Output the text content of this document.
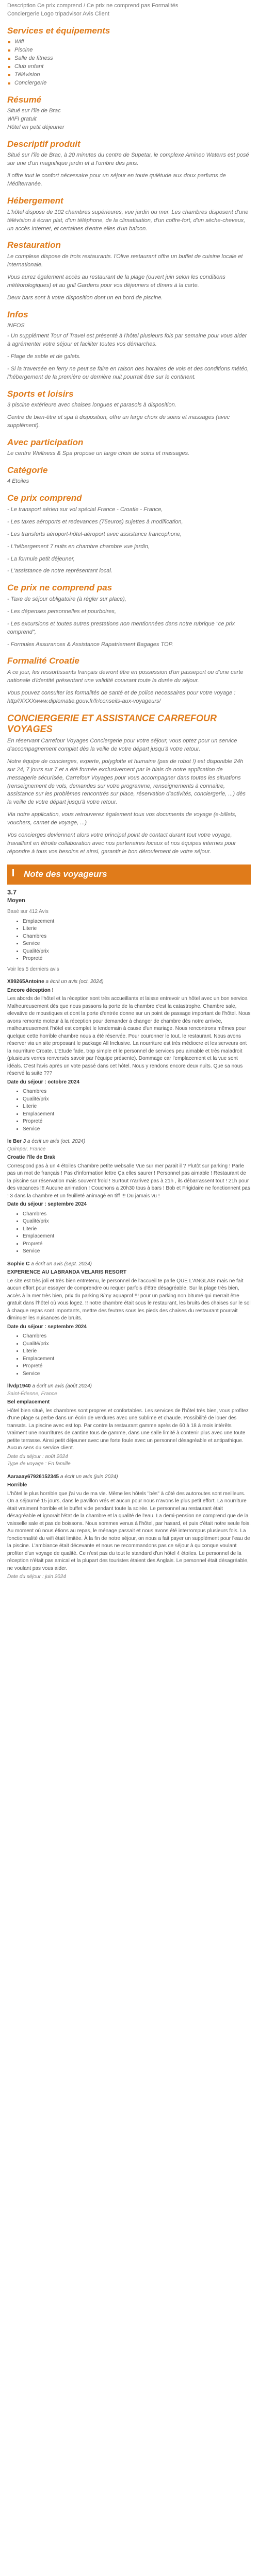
Description Ce prix comprend / Ce prix ne comprend pas Formalités

Conciergerie Logo tripadvisor Avis Client

Services et équipements
Wifi
Piscine
Salle de fitness
Club enfant
Télévision
Conciergerie
Résumé

Situé sur l'île de Brac
WIFI gratuit
Hôtel en petit déjeuner

Descriptif produit

Situé sur l'île de Brac, à 20 minutes du centre de Supetar, le complexe Amineo Waterrs est posé sur une d'un magnifique jardin et à l'ombre des pins.

Il offre tout le confort nécessaire pour un séjour en toute quiétude aux doux parfums de Méditerranée.

Hébergement

L'hôtel dispose de 102 chambres supérieures, vue jardin ou mer. Les chambres disposent d'une télévision à écran plat, d'un téléphone, de la climatisation, d'un coffre-fort, d'un sèche-cheveux, un accès Internet, et certaines d'entre elles d'un balcon.

Restauration

Le complexe dispose de trois restaurants. l'Olive restaurant offre un buffet de cuisine locale et internationale.

Vous aurez également accès au restaurant de la plage (ouvert juin selon les conditions météorologiques) et au grill Gardens pour vos déjeuners et dîners à la carte.

Deux bars sont à votre disposition dont un en bord de piscine.

Infos

INFOS

- Un supplément Tour of Travel est présenté à l'hôtel plusieurs fois par semaine pour vous aider à agrémenter votre séjour et faciliter toutes vos démarches.

- Plage de sable et de galets.

- Si la traversée en ferry ne peut se faire en raison des horaires de vols et des conditions météo, l'hébergement de la première ou dernière nuit pourrait être sur le continent.

Sports et loisirs

3 piscine extérieure avec chaises longues et parasols à disposition.

Centre de bien-être et spa à disposition, offre un large choix de soins et massages (avec supplément).

Avec participation

Le centre Wellness & Spa propose un large choix de soins et massages.

Catégorie

4 Etoiles

Ce prix comprend

- Le transport aérien sur vol spécial France - Croatie - France,

- Les taxes aéroports et redevances (75euros) sujettes à modification,

- Les transferts aéroport-hôtel-aéroport avec assistance francophone,

- L'hébergement 7 nuits en chambre chambre vue jardin,

- La formule petit déjeuner,

- L'assistance de notre représentant local.

Ce prix ne comprend pas

- Taxe de séjour obligatoire (à régler sur place),

- Les dépenses personnelles et pourboires,

- Les excursions et toutes autres prestations non mentionnées dans notre rubrique "ce prix comprend",

- Formules Assurances & Assistance Rapatriement Bagages TOP.

Formalité Croatie

A ce jour, les ressortissants français devront être en possession d'un passeport ou d'une carte nationale d'identité présentant une validité couvrant toute la durée du séjour.

Vous pouvez consulter les formalités de santé et de police necessaires pour votre voyage : http//XXXXwww.diplomatie.gouv.fr/fr/conseils-aux-voyageurs/

CONCIERGERIE ET ASSISTANCE CARREFOUR VOYAGES

En réservant Carrefour Voyages Conciergerie pour votre séjour, vous optez pour un service d'accompagnement complet dès la veille de votre départ jusqu'à votre retour.

Notre équipe de concierges, experte, polyglotte et humaine (pas de robot !) est disponible 24h sur 24, 7 jours sur 7 et a été formée exclusivement par le biais de notre application de messagerie sécurisée, Carrefour Voyages pour vous accompagner dans toutes les situations (renseignement de vols, demandes sur votre programme, renseignements à connaitre, assistance sur les problèmes rencontrés sur place, réservation d'activités, conciergerie, ...) dès la veille de votre départ jusqu'à votre retour.

Via notre application, vous retrouverez également tous vos documents de voyage (e-billets, vouchers, carnet de voyage, ...)

Vos concierges deviennent alors votre principal point de contact durant tout votre voyage, travaillant en étroite collaboration avec nos partenaires locaux et nos équipes internes pour répondre à tous vos besoins et ainsi, garantir le bon déroulement de votre séjour.

Note des voyageurs
3.7
Moyen
Basé sur 412 Avis
• Emplacement
• Literie
• Chambres
• Service
• Qualité/prix
• Propreté
Voir les 5 derniers avis
X99265Antoine a écrit un avis (oct. 2024)
Encore déception !
Les abords de l'hôtel et la réception sont très accueillants et laisse entrevoir un hôtel avec un bon service. Malheureusement dès que nous passons la porte de la chambre c'est la catastrophe. Chambre sale, elevative de moustiques et dont la porte d'entrée donne sur un point de passage important de l'hôtel. Nous avons remonte moteur à la réception pour demander à changer de chambre dès notre arrivée, malheureusement l'hôtel est complet le lendemain à cause d'un mariage. Nous rencontrons mêmes pour quelque cette horrible chambre nous a été réservée. Pour couronner le tout, le restaurant. Nous avons réserver via un site proposant le package All Inclusive. La nourriture est très médiocre et les serveurs ont la nourriture Croate. L'Etude fade, trop simple et le personnel de services peu aimable et très maladroit (plusieurs verres renversés savoir par l'équipe présente). Dommage car l'emplacement et la vue sont idéals. C'est l'avis après un vote passé dans cet hôtel. Nous y rendons encore deux nuits. Que sa nous réservé la suite ???
Date du séjour : octobre 2024
• Chambres
• Qualité/prix
• Literie
• Emplacement
• Propreté
• Service
le Ber J a écrit un avis (oct. 2024)
Quimper, France
Croatie l'île de Brak
Correspond pas à un 4 étoiles Chambre petite websalle Vue sur mer parait il ? Plutôt sur parking ! Parle pas un mot de français ! Pas d'information lettre Ça elles saurer ! Personnel pas aimable ! Restaurant de la piscine sur réservation mais souvent froid ! Surtout n'arrivez pas à 21h , ils débarrassent tout ! 21h pour des vacances !!! Aucune animation ! Couchons a 20h30 tous à bars ! Bob et Frigidaire ne fonctionnent pas ! 3 dans la chambre et un feuilleté animagé en tiff !!! Du jamais vu !
Date du séjour : septembre 2024
• Chambres
• Qualité/prix
• Literie
• Emplacement
• Propreté
• Service
Sophie C a écrit un avis (sept. 2024)
EXPERIENCE AU LABRANDA VELARIS RESORT
Le site est très joli et très bien entretenu, le personnel de l'accueil te parle QUE L'ANGLAIS mais ne fait aucun effort pour essayer de comprendre ou requer parfois d'être désagréable. Sur la plage très bien, accès à la mer très bien, prix du parking 8/my aquaprof !!! pour un parking non bitumé qui merrait être gratuit dans l'hôtel où vous logez. !! notre chambre était sous le restaurant, les bruits des chaises sur le sol à chaque repas sont importants, mettre des feutres sous les pieds des chaises du restaurant pourrait diminuer les nuisances de bruits.
Date du séjour : septembre 2024
• Chambres
• Qualité/prix
• Literie
• Emplacement
• Propreté
• Service
llvdp1940 a écrit un avis (août 2024)
Saint-Étienne, France
Bel emplacement
Hôtel bien situé, les chambres sont propres et confortables. Les services de l'hôtel très bien, vous profitez d'une plage superbe dans un écrin de verdures avec une sublime et chaude. Possibilité de louer des transats. La piscine avec est top. Par contre la restaurant gamme après de 60 à 18 à mois intérêts vraiment une nourritures de cantine tous de gamme, dans une salle limité à contenir plus avec une toute petite terrasse. Ainsi petit déjeuner avec une forte foule avec un personnel désagréable et antipathique. Aucun sens du service client.
Date du séjour : août 2024
Type de voyage : En famille
Aaraaay67926152345 a écrit un avis (juin 2024)
Horrible
L'hôtel le plus horrible que j'ai vu de ma vie. Même les hôtels "bés" à côté des autoroutes sont meilleurs. On a séjourné 15 jours, dans le pavillon vrés et aucun pour nous n'avons le plus petit effort. La nourriture était vraiment horrible et le buffet vide pendant toute la soirée. Le personnel au restaurant était désagréable et ignorait l'état de la chambre et la qualité de l'eau. La demi-pension ne comprend que de la vaisselle sale et pas de boissons. Nous sommes venus à l'hôtel, par hasard, et puis c'était notre seule fois. Au moment où nous étions au repas, le ménage passait et nous avons été interrompus plusieurs fois. La fonctionnalité du wifi était limitée. À la fin de notre séjour, on nous a fait payer un supplément pour l'eau de la piscine. L'ambiance était décevante et nous ne recommandons pas ce séjour à quiconque voulant profiter d'un voyage de qualité. Ce n'est pas du tout le standard d'un hôtel 4 étoiles. Le personnel de la réception n'était pas amical et la plupart des touristes étaient des Anglais. Le personnel était désagréable, ne voulant pas vous aider.
Date du séjour : juin 2024
